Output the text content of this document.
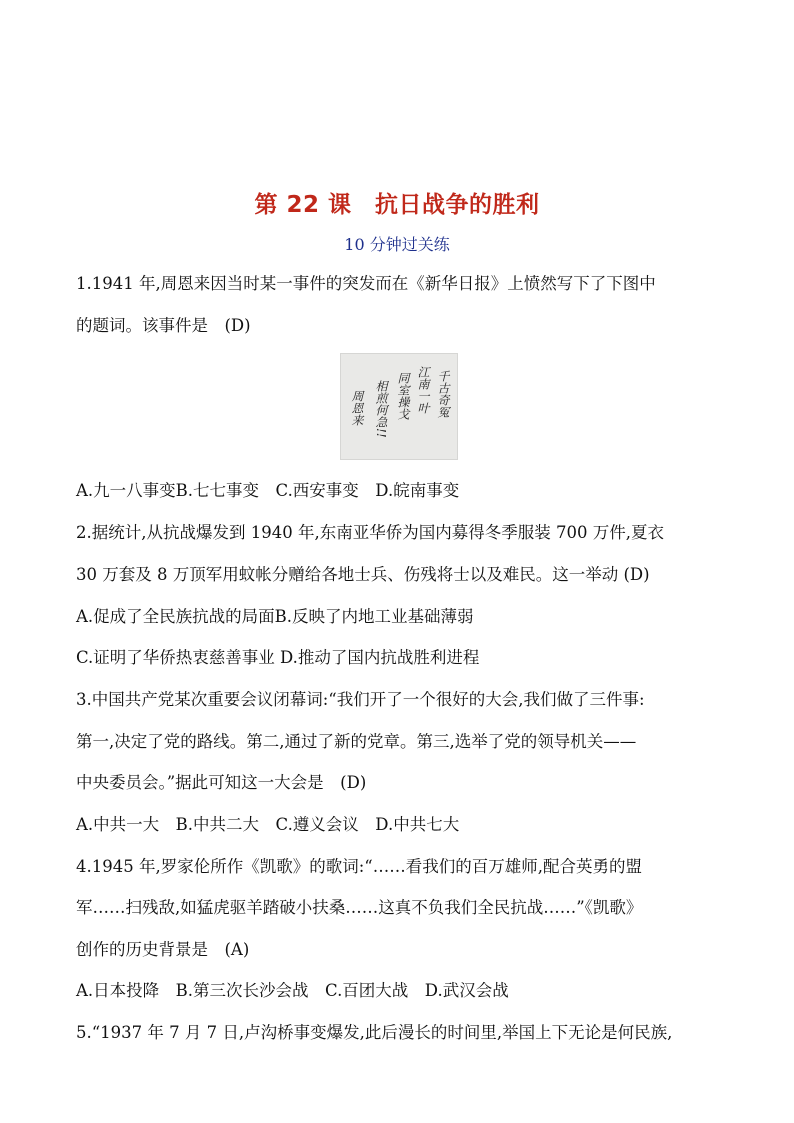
第 22 课　抗日战争的胜利
10 分钟过关练
1.1941 年,周恩来因当时某一事件的突发而在《新华日报》上愤然写下了下图中
的题词。该事件是　(D)
千古奇冤
江南一叶
同室操戈
相煎何急!!
周恩来
A.九一八事变B.七七事变　C.西安事变　D.皖南事变
2.据统计,从抗战爆发到 1940 年,东南亚华侨为国内募得冬季服装 700 万件,夏衣
30 万套及 8 万顶军用蚊帐分赠给各地士兵、伤残将士以及难民。这一举动 (D)
A.促成了全民族抗战的局面B.反映了内地工业基础薄弱
C.证明了华侨热衷慈善事业 D.推动了国内抗战胜利进程
3.中国共产党某次重要会议闭幕词:“我们开了一个很好的大会,我们做了三件事:
第一,决定了党的路线。第二,通过了新的党章。第三,选举了党的领导机关——
中央委员会。”据此可知这一大会是　(D)
A.中共一大　B.中共二大　C.遵义会议　D.中共七大
4.1945 年,罗家伦所作《凯歌》的歌词:“……看我们的百万雄师,配合英勇的盟
军……扫残敌,如猛虎驱羊踏破小扶桑……这真不负我们全民抗战……”《凯歌》
创作的历史背景是　(A)
A.日本投降　B.第三次长沙会战　C.百团大战　D.武汉会战
5.“1937 年 7 月 7 日,卢沟桥事变爆发,此后漫长的时间里,举国上下无论是何民族,
